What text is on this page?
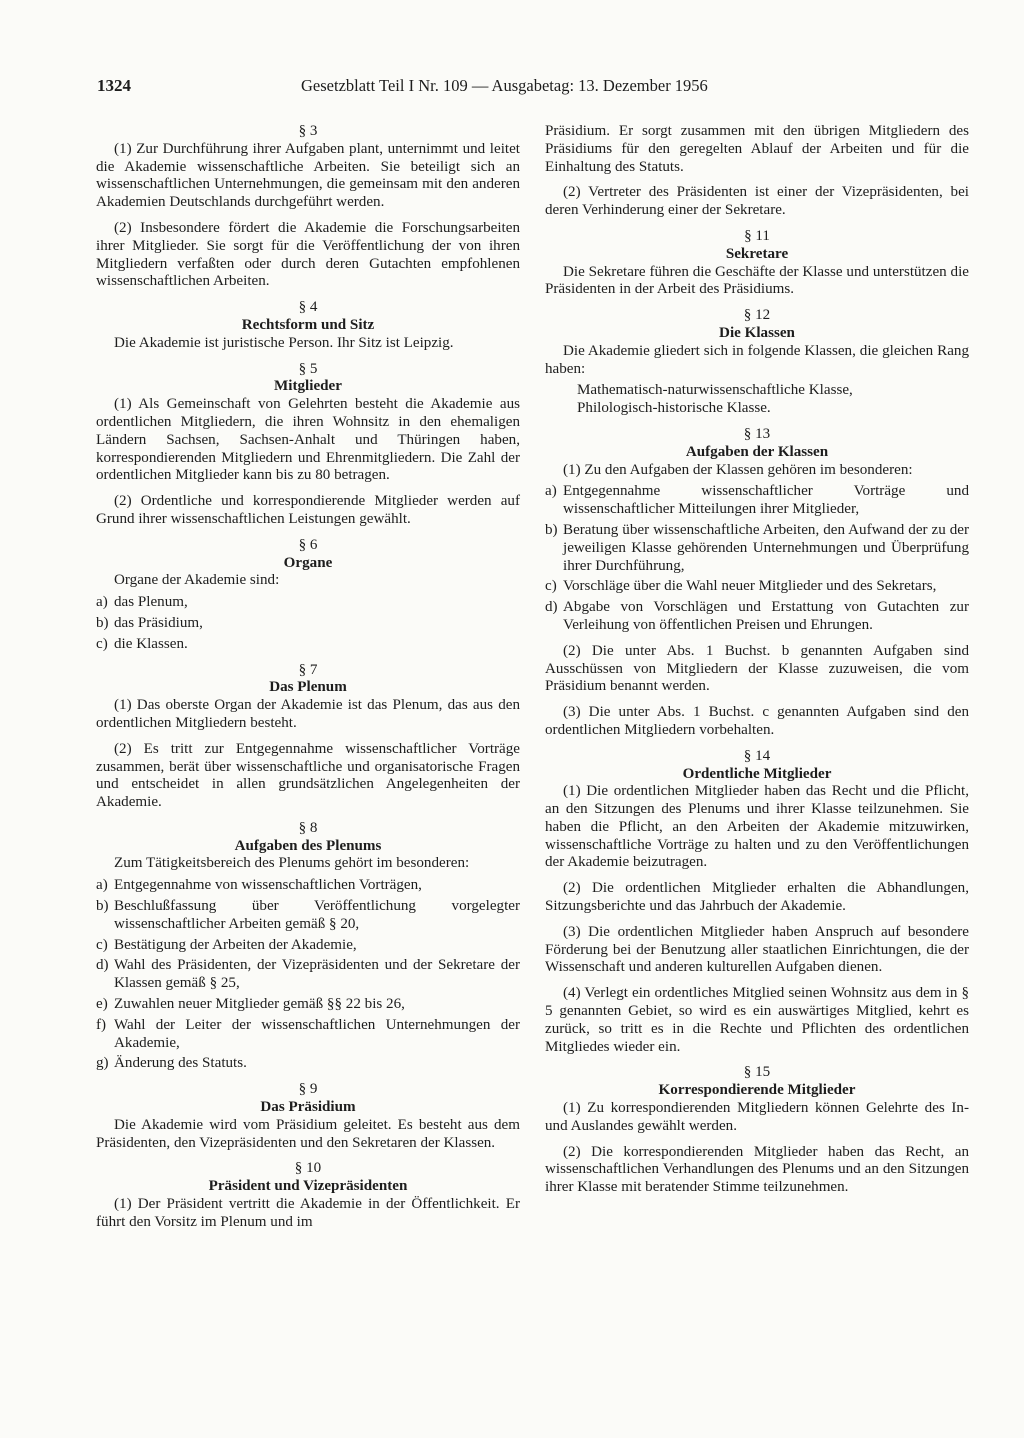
1324	Gesetzblatt Teil I Nr. 109 — Ausgabetag: 13. Dezember 1956
§ 3

(1) Zur Durchführung ihrer Aufgaben plant, unternimmt und leitet die Akademie wissenschaftliche Arbeiten. Sie beteiligt sich an wissenschaftlichen Unternehmungen, die gemeinsam mit den anderen Akademien Deutschlands durchgeführt werden.

(2) Insbesondere fördert die Akademie die Forschungsarbeiten ihrer Mitglieder. Sie sorgt für die Veröffentlichung der von ihren Mitgliedern verfaßten oder durch deren Gutachten empfohlenen wissenschaftlichen Arbeiten.

§ 4
Rechtsform und Sitz

Die Akademie ist juristische Person. Ihr Sitz ist Leipzig.

§ 5
Mitglieder

(1) Als Gemeinschaft von Gelehrten besteht die Akademie aus ordentlichen Mitgliedern, die ihren Wohnsitz in den ehemaligen Ländern Sachsen, Sachsen-Anhalt und Thüringen haben, korrespondierenden Mitgliedern und Ehrenmitgliedern. Die Zahl der ordentlichen Mitglieder kann bis zu 80 betragen.

(2) Ordentliche und korrespondierende Mitglieder werden auf Grund ihrer wissenschaftlichen Leistungen gewählt.

§ 6
Organe

Organe der Akademie sind:

a) das Plenum,
b) das Präsidium,
c) die Klassen.
§ 7
Das Plenum

(1) Das oberste Organ der Akademie ist das Plenum, das aus den ordentlichen Mitgliedern besteht.

(2) Es tritt zur Entgegennahme wissenschaftlicher Vorträge zusammen, berät über wissenschaftliche und organisatorische Fragen und entscheidet in allen grundsätzlichen Angelegenheiten der Akademie.

§ 8
Aufgaben des Plenums

Zum Tätigkeitsbereich des Plenums gehört im besonderen:

a) Entgegennahme von wissenschaftlichen Vorträgen,
b) Beschlußfassung über Veröffentlichung vorgelegter wissenschaftlicher Arbeiten gemäß § 20,
c) Bestätigung der Arbeiten der Akademie,
d) Wahl des Präsidenten, der Vizepräsidenten und der Sekretare der Klassen gemäß § 25,
e) Zuwahlen neuer Mitglieder gemäß §§ 22 bis 26,
f) Wahl der Leiter der wissenschaftlichen Unternehmungen der Akademie,
g) Änderung des Statuts.
§ 9
Das Präsidium

Die Akademie wird vom Präsidium geleitet. Es besteht aus dem Präsidenten, den Vizepräsidenten und den Sekretaren der Klassen.

§ 10
Präsident und Vizepräsidenten

(1) Der Präsident vertritt die Akademie in der Öffentlichkeit. Er führt den Vorsitz im Plenum und im

Präsidium. Er sorgt zusammen mit den übrigen Mitgliedern des Präsidiums für den geregelten Ablauf der Arbeiten und für die Einhaltung des Statuts.

(2) Vertreter des Präsidenten ist einer der Vizepräsidenten, bei deren Verhinderung einer der Sekretare.

§ 11
Sekretare

Die Sekretare führen die Geschäfte der Klasse und unterstützen die Präsidenten in der Arbeit des Präsidiums.

§ 12
Die Klassen

Die Akademie gliedert sich in folgende Klassen, die gleichen Rang haben:

Mathematisch-naturwissenschaftliche Klasse,

Philologisch-historische Klasse.

§ 13
Aufgaben der Klassen

(1) Zu den Aufgaben der Klassen gehören im besonderen:

a) Entgegennahme wissenschaftlicher Vorträge und wissenschaftlicher Mitteilungen ihrer Mitglieder,
b) Beratung über wissenschaftliche Arbeiten, den Aufwand der zu der jeweiligen Klasse gehörenden Unternehmungen und Überprüfung ihrer Durchführung,
c) Vorschläge über die Wahl neuer Mitglieder und des Sekretars,
d) Abgabe von Vorschlägen und Erstattung von Gutachten zur Verleihung von öffentlichen Preisen und Ehrungen.

(2) Die unter Abs. 1 Buchst. b genannten Aufgaben sind Ausschüssen von Mitgliedern der Klasse zuzuweisen, die vom Präsidium benannt werden.

(3) Die unter Abs. 1 Buchst. c genannten Aufgaben sind den ordentlichen Mitgliedern vorbehalten.

§ 14
Ordentliche Mitglieder

(1) Die ordentlichen Mitglieder haben das Recht und die Pflicht, an den Sitzungen des Plenums und ihrer Klasse teilzunehmen. Sie haben die Pflicht, an den Arbeiten der Akademie mitzuwirken, wissenschaftliche Vorträge zu halten und zu den Veröffentlichungen der Akademie beizutragen.

(2) Die ordentlichen Mitglieder erhalten die Abhandlungen, Sitzungsberichte und das Jahrbuch der Akademie.

(3) Die ordentlichen Mitglieder haben Anspruch auf besondere Förderung bei der Benutzung aller staatlichen Einrichtungen, die der Wissenschaft und anderen kulturellen Aufgaben dienen.

(4) Verlegt ein ordentliches Mitglied seinen Wohnsitz aus dem in § 5 genannten Gebiet, so wird es ein auswärtiges Mitglied, kehrt es zurück, so tritt es in die Rechte und Pflichten des ordentlichen Mitgliedes wieder ein.

§ 15
Korrespondierende Mitglieder

(1) Zu korrespondierenden Mitgliedern können Gelehrte des In- und Auslandes gewählt werden.

(2) Die korrespondierenden Mitglieder haben das Recht, an wissenschaftlichen Verhandlungen des Plenums und an den Sitzungen ihrer Klasse mit beratender Stimme teilzunehmen.
